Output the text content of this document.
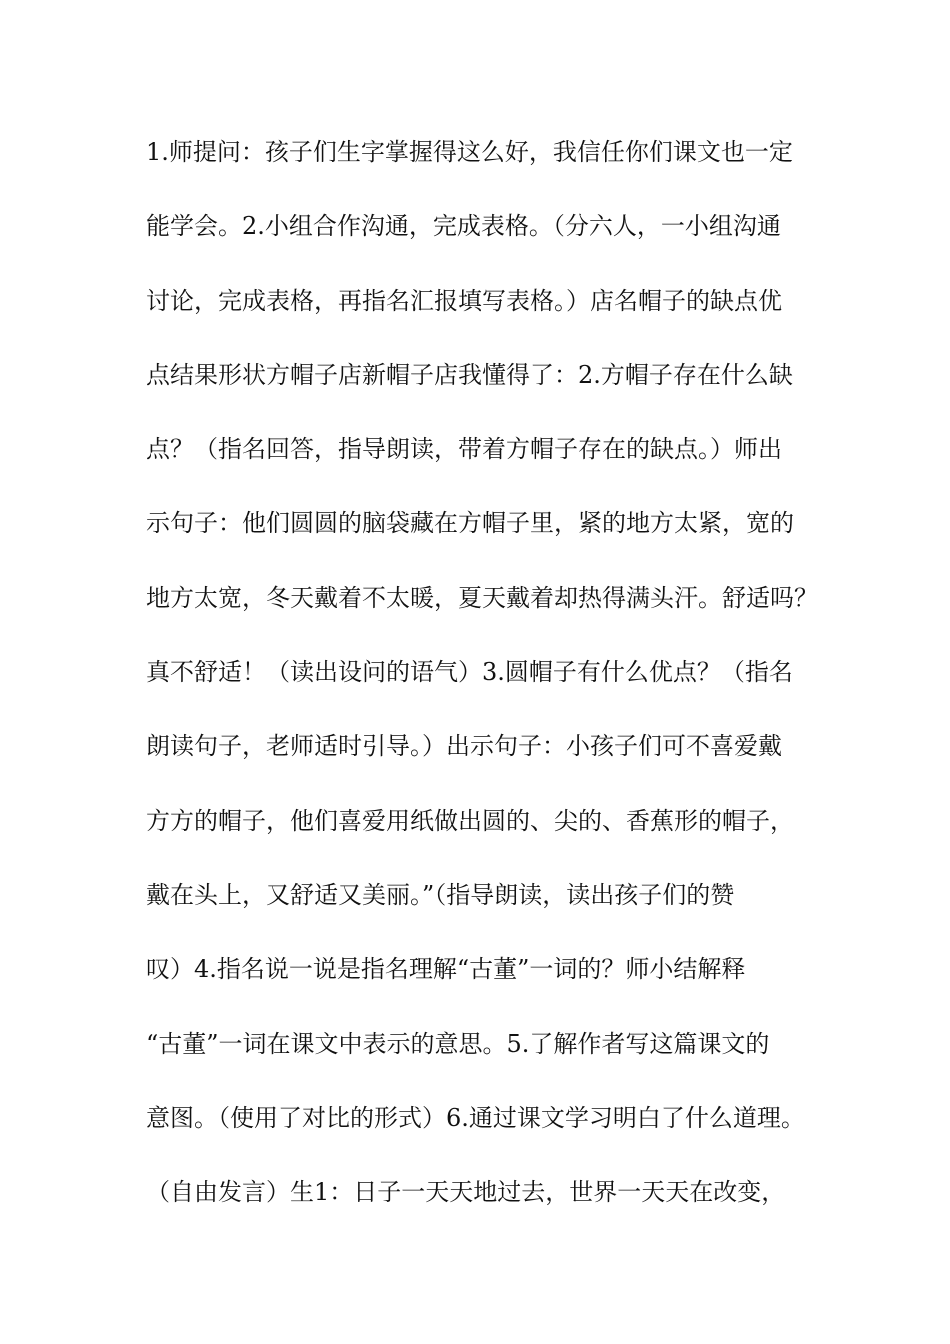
1.师提问：孩子们生字掌握得这么好，我信任你们课文也一定
能学会。2.小组合作沟通，完成表格。（分六人，一小组沟通
讨论，完成表格，再指名汇报填写表格。）店名帽子的缺点优
点结果形状方帽子店新帽子店我懂得了：2.方帽子存在什么缺
点？（指名回答，指导朗读，带着方帽子存在的缺点。）师出
示句子：他们圆圆的脑袋藏在方帽子里，紧的地方太紧，宽的
地方太宽，冬天戴着不太暖，夏天戴着却热得满头汗。舒适吗？
真不舒适！（读出设问的语气）3.圆帽子有什么优点？（指名
朗读句子，老师适时引导。）出示句子：小孩子们可不喜爱戴
方方的帽子，他们喜爱用纸做出圆的、尖的、香蕉形的帽子，
戴在头上，又舒适又美丽。”（指导朗读，读出孩子们的赞
叹）4.指名说一说是指名理解“古董”一词的？师小结解释
“古董”一词在课文中表示的意思。5.了解作者写这篇课文的
意图。（使用了对比的形式）6.通过课文学习明白了什么道理。
（自由发言）生1：日子一天天地过去，世界一天天在改变，
